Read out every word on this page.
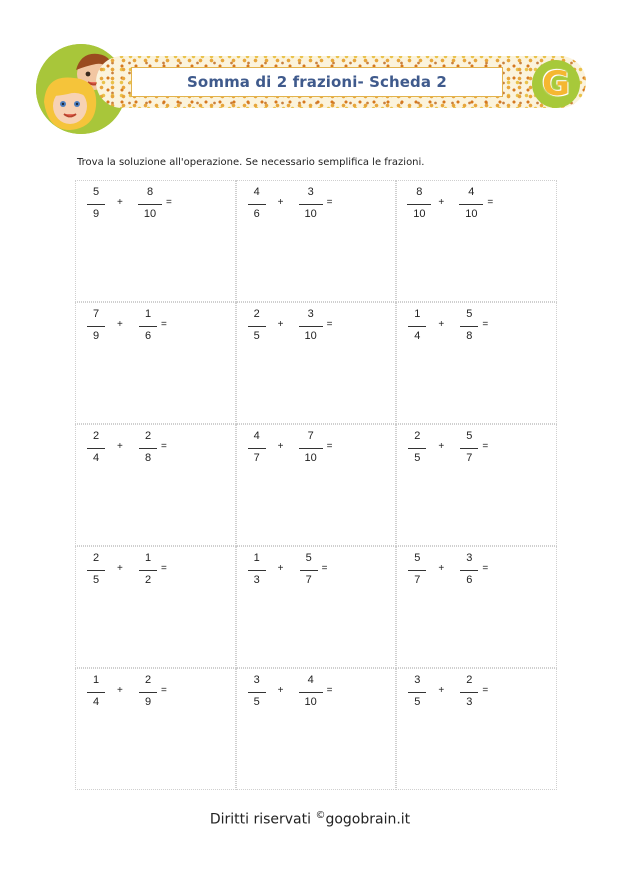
Somma di 2 frazioni- Scheda 2	G
Trova la soluzione all'operazione. Se necessario semplifica le frazioni.
5
9
+
8
10
=
4
6
+
3
10
=
8
10
+
4
10
=
7
9
+
1
6
=
2
5
+
3
10
=
1
4
+
5
8
=
2
4
+
2
8
=
4
7
+
7
10
=
2
5
+
5
7
=
2
5
+
1
2
=
1
3
+
5
7
=
5
7
+
3
6
=
1
4
+
2
9
=
3
5
+
4
10
=
3
5
+
2
3
=
Diritti riservati ©gogobrain.it
